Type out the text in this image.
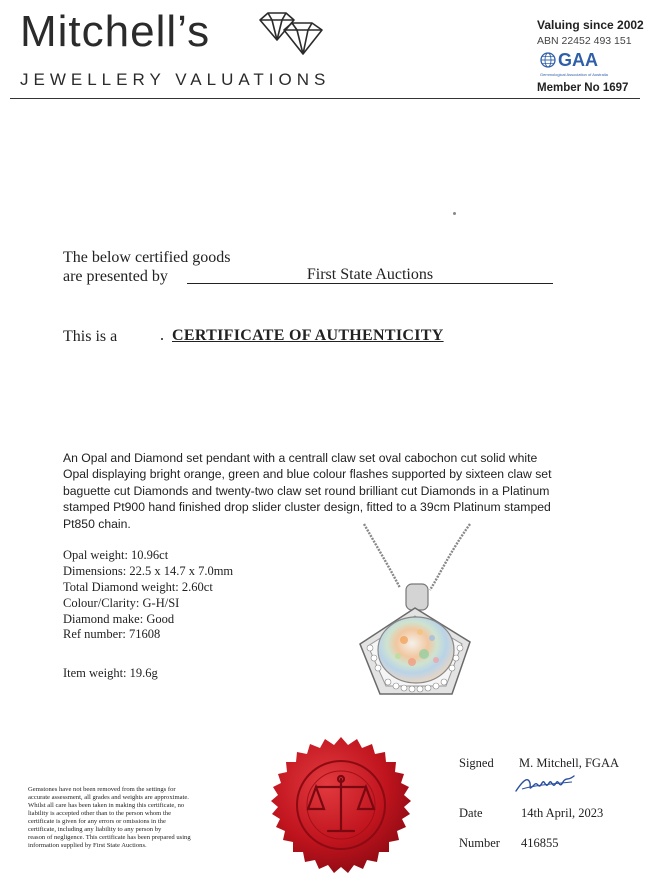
Mitchell’s
JEWELLERY VALUATIONS
Valuing since 2002
ABN 22452 493 151
GAA
Gemmological Association of Australia
Member No 1697
The below certified goods
are presented by	First State Auctions
This is a	CERTIFICATE OF AUTHENTICITY
An Opal and Diamond set pendant with a centrall claw set oval cabochon cut solid white Opal displaying bright orange, green and blue colour flashes supported by sixteen claw set baguette cut Diamonds and twenty-two claw set round brilliant cut Diamonds in a Platinum stamped Pt900 hand finished drop slider cluster design, fitted to a 39cm Platinum stamped Pt850 chain.
Opal weight: 10.96ct
Dimensions: 22.5 x 14.7 x 7.0mm
Total Diamond weight: 2.60ct
Colour/Clarity: G-H/SI
Diamond make: Good
Ref number: 71608
Item weight: 19.6g
Gemstones have not been removed from the settings for
accurate assessment, all grades and weights are approximate.
Whilst all care has been taken in making this certificate, no
liability is accepted other than to the person whom the
certificate is given for any errors or omissions in the
certificate, including any liability to any person by
reason of negligence. This certificate has been prepared using
information supplied by First State Auctions.
Signed M. Mitchell, FGAA
Date	14th April, 2023
Number 416855
